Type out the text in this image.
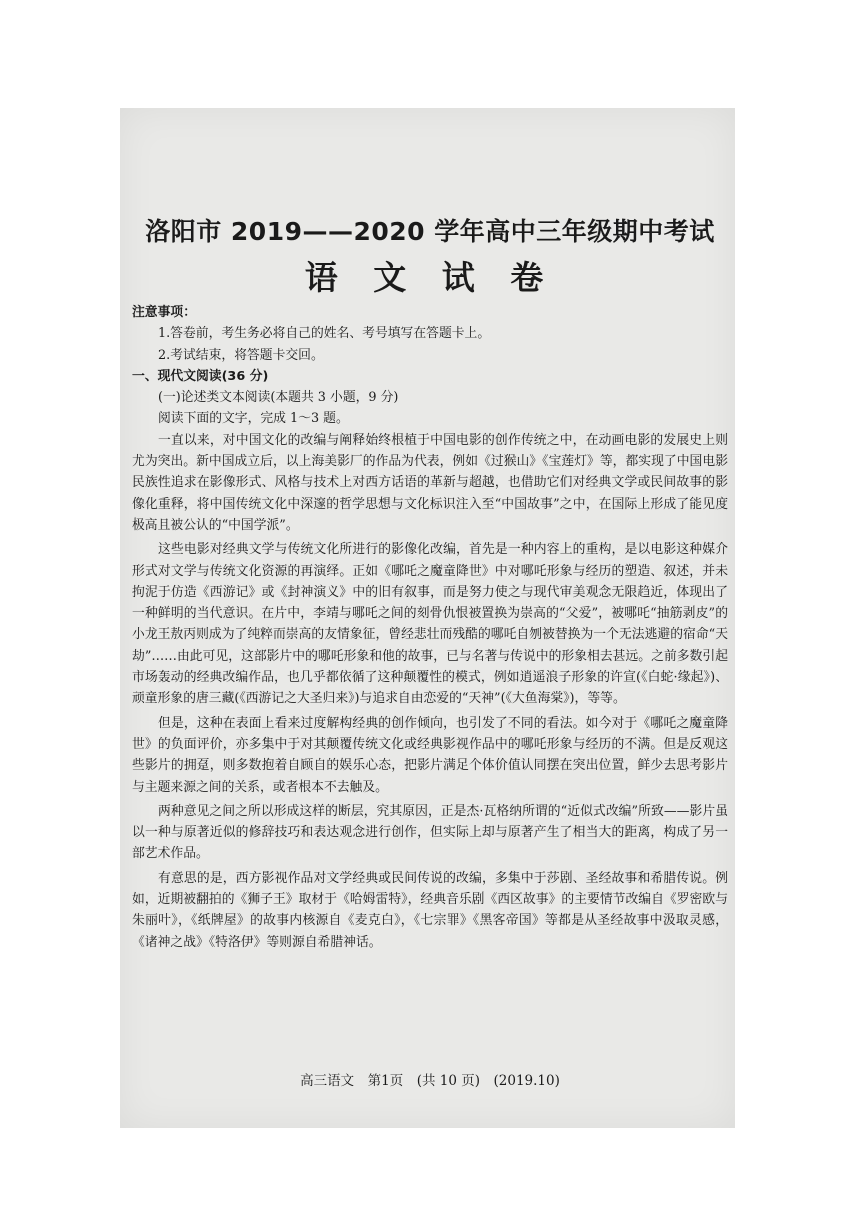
洛阳市 2019——2020 学年高中三年级期中考试
语 文 试 卷

注意事项：

1.答卷前，考生务必将自己的姓名、考号填写在答题卡上。

2.考试结束，将答题卡交回。

一、现代文阅读(36 分)

(一)论述类文本阅读(本题共 3 小题，9 分)

阅读下面的文字，完成 1～3 题。

一直以来，对中国文化的改编与阐释始终根植于中国电影的创作传统之中，在动画电影的发展史上则尤为突出。新中国成立后，以上海美影厂的作品为代表，例如《过猴山》《宝莲灯》等，都实现了中国电影民族性追求在影像形式、风格与技术上对西方话语的革新与超越，也借助它们对经典文学或民间故事的影像化重释，将中国传统文化中深邃的哲学思想与文化标识注入至“中国故事”之中，在国际上形成了能见度极高且被公认的“中国学派”。

这些电影对经典文学与传统文化所进行的影像化改编，首先是一种内容上的重构，是以电影这种媒介形式对文学与传统文化资源的再演绎。正如《哪吒之魔童降世》中对哪吒形象与经历的塑造、叙述，并未拘泥于仿造《西游记》或《封神演义》中的旧有叙事，而是努力使之与现代审美观念无限趋近，体现出了一种鲜明的当代意识。在片中，李靖与哪吒之间的刻骨仇恨被置换为崇高的“父爱”，被哪吒“抽筋剥皮”的小龙王敖丙则成为了纯粹而崇高的友情象征，曾经悲壮而残酷的哪吒自刎被替换为一个无法逃避的宿命“天劫”……由此可见，这部影片中的哪吒形象和他的故事，已与名著与传说中的形象相去甚远。之前多数引起市场轰动的经典改编作品，也几乎都依循了这种颠覆性的模式，例如逍遥浪子形象的许宣(《白蛇·缘起》)、顽童形象的唐三藏(《西游记之大圣归来》)与追求自由恋爱的“天神”(《大鱼海棠》)，等等。

但是，这种在表面上看来过度解构经典的创作倾向，也引发了不同的看法。如今对于《哪吒之魔童降世》的负面评价，亦多集中于对其颠覆传统文化或经典影视作品中的哪吒形象与经历的不满。但是反观这些影片的拥趸，则多数抱着自顾自的娱乐心态，把影片满足个体价值认同摆在突出位置，鲜少去思考影片与主题来源之间的关系，或者根本不去触及。

两种意见之间之所以形成这样的断层，究其原因，正是杰·瓦格纳所谓的“近似式改编”所致——影片虽以一种与原著近似的修辞技巧和表达观念进行创作，但实际上却与原著产生了相当大的距离，构成了另一部艺术作品。

有意思的是，西方影视作品对文学经典或民间传说的改编，多集中于莎剧、圣经故事和希腊传说。例如，近期被翻拍的《狮子王》取材于《哈姆雷特》，经典音乐剧《西区故事》的主要情节改编自《罗密欧与朱丽叶》，《纸牌屋》的故事内核源自《麦克白》，《七宗罪》《黑客帝国》等都是从圣经故事中汲取灵感，《诸神之战》《特洛伊》等则源自希腊神话。

高三语文　第1页　(共 10 页)　(2019.10)
